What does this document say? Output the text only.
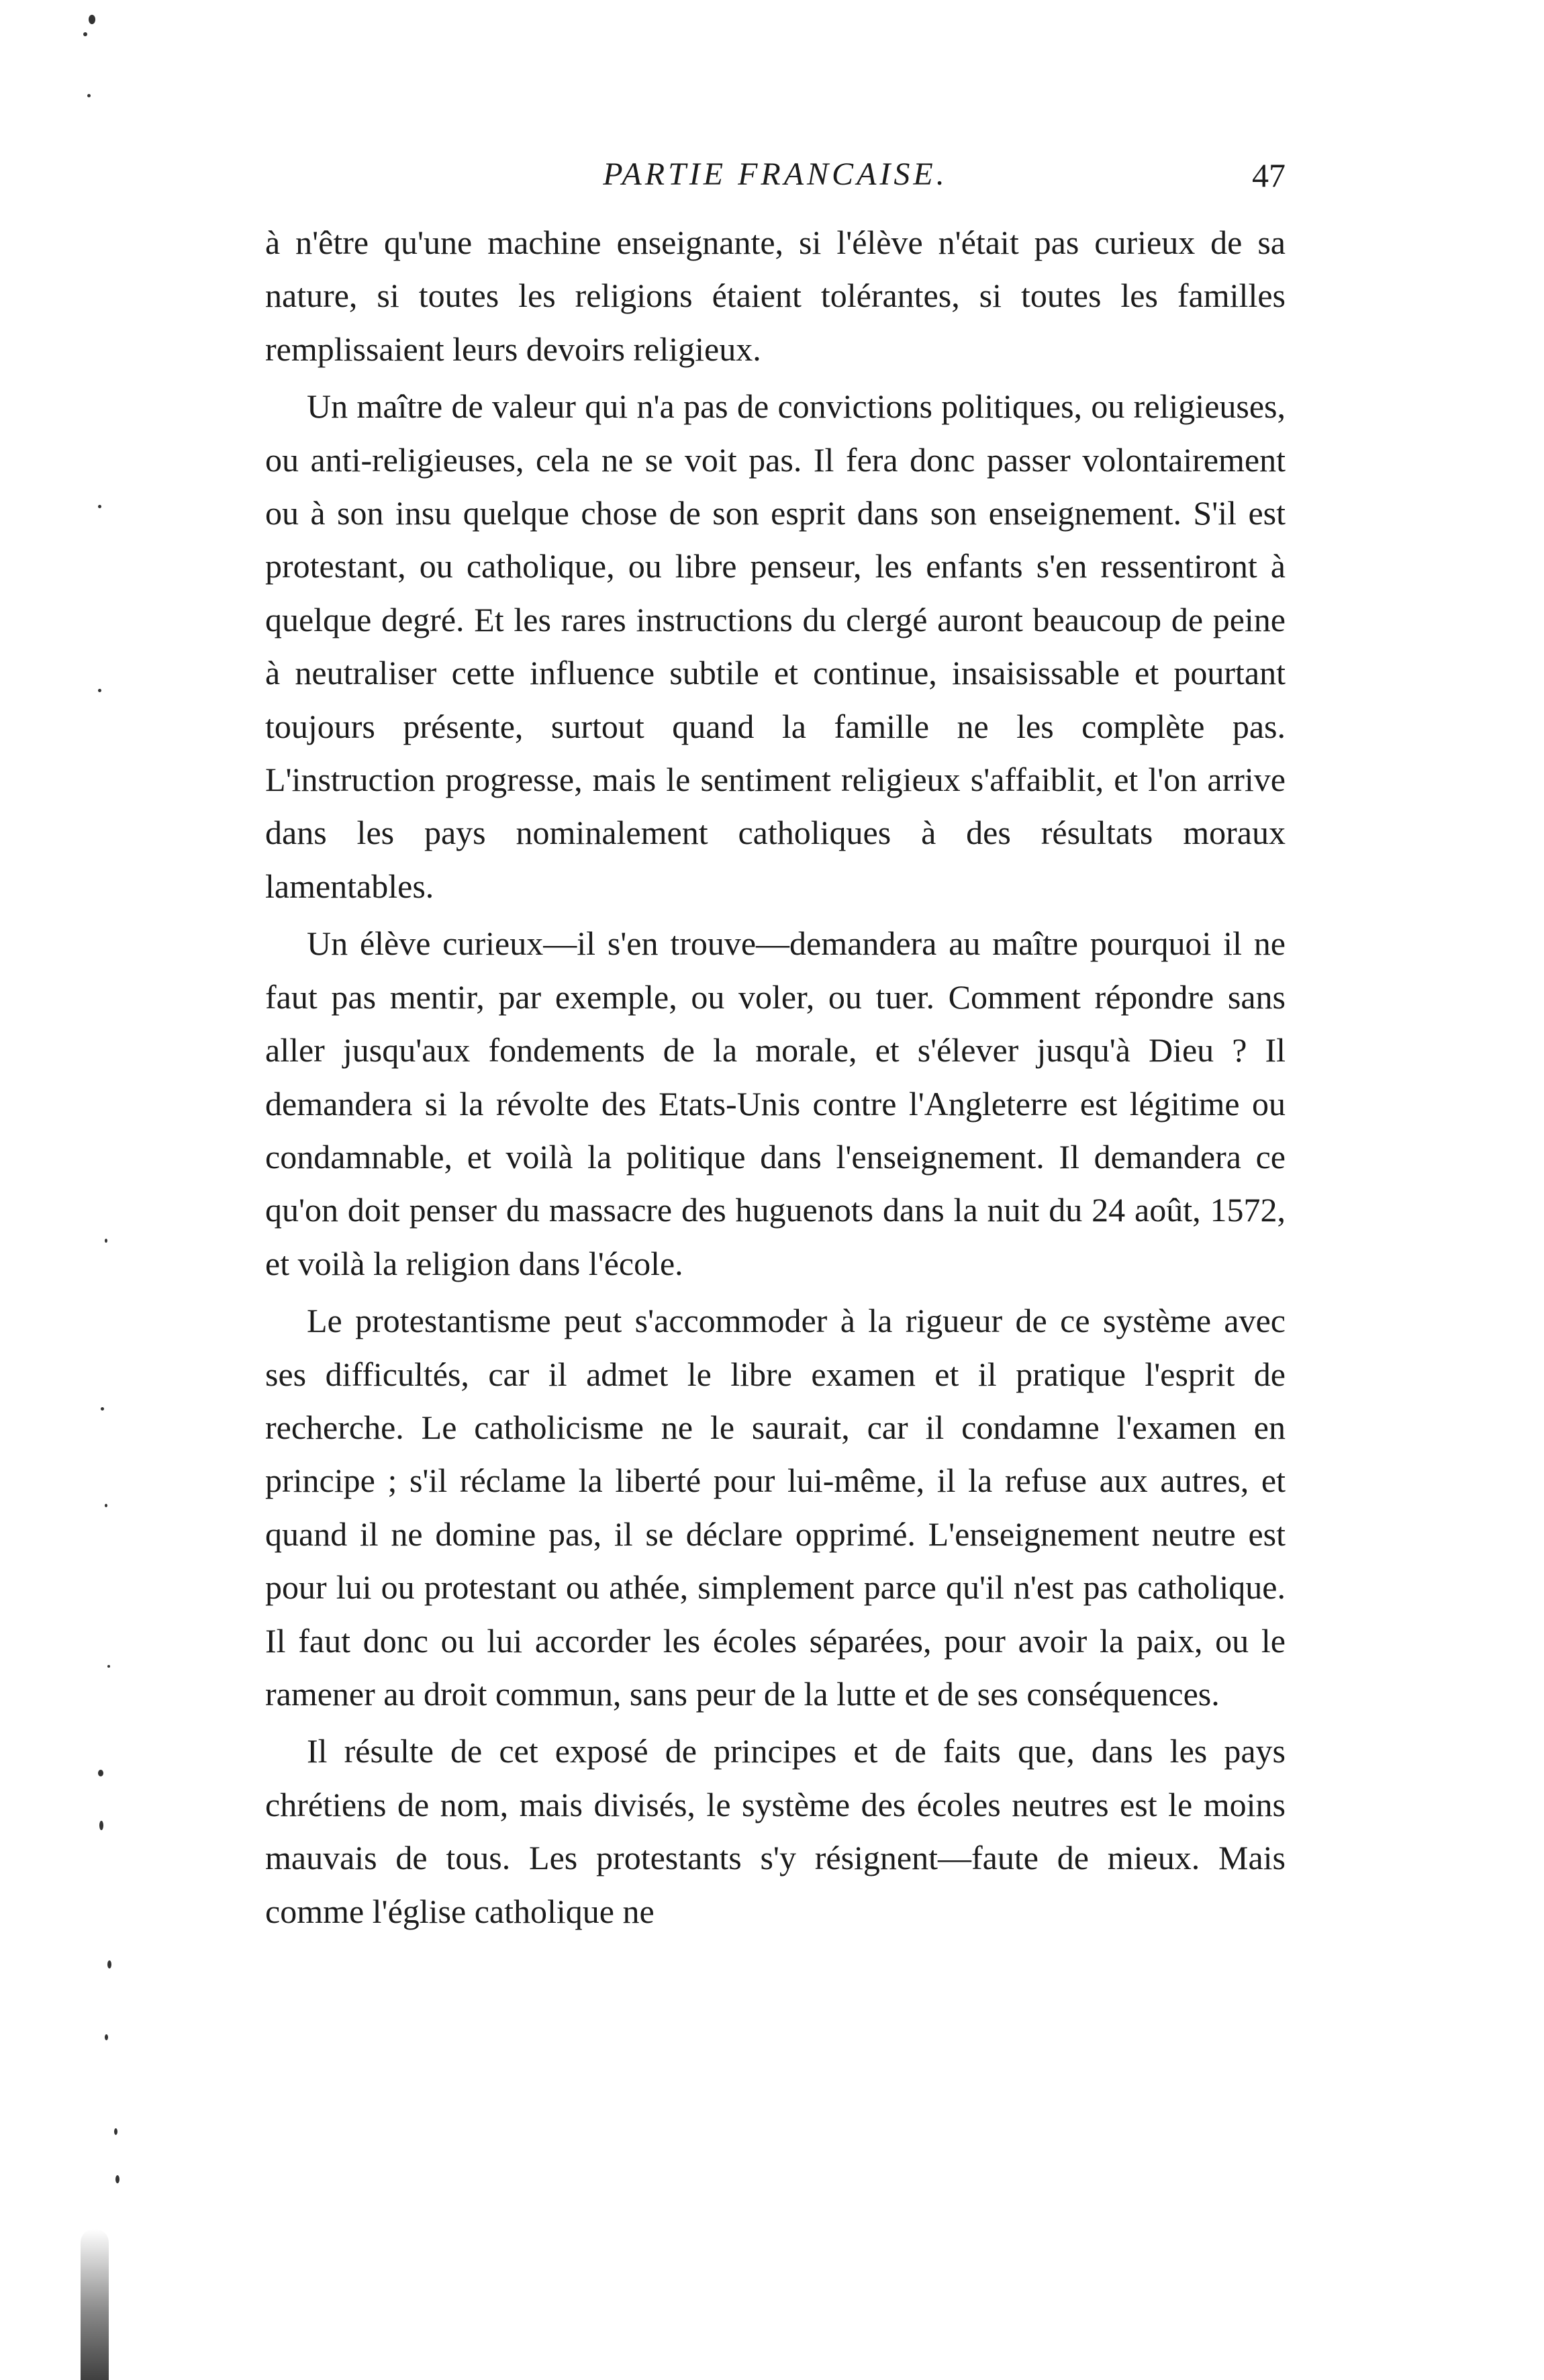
PARTIE FRANCAISE.	47

à n'être qu'une machine enseignante, si l'élève n'était pas curieux de sa nature, si toutes les religions étaient tolérantes, si toutes les familles remplissaient leurs devoirs religieux.

Un maître de valeur qui n'a pas de convictions politiques, ou religieuses, ou anti-religieuses, cela ne se voit pas. Il fera donc passer volontairement ou à son insu quelque chose de son esprit dans son enseignement. S'il est protestant, ou catholique, ou libre penseur, les enfants s'en ressentiront à quelque degré. Et les rares instructions du clergé auront beaucoup de peine à neutraliser cette influence subtile et continue, insaisissable et pourtant toujours présente, surtout quand la famille ne les complète pas. L'instruction progresse, mais le sentiment religieux s'affaiblit, et l'on arrive dans les pays nominalement catholiques à des résultats moraux lamentables.

Un élève curieux—il s'en trouve—demandera au maître pourquoi il ne faut pas mentir, par exemple, ou voler, ou tuer. Comment répondre sans aller jusqu'aux fondements de la morale, et s'élever jusqu'à Dieu ? Il demandera si la révolte des Etats-Unis contre l'Angleterre est légitime ou condamnable, et voilà la politique dans l'enseignement. Il demandera ce qu'on doit penser du massacre des huguenots dans la nuit du 24 août, 1572, et voilà la religion dans l'école.

Le protestantisme peut s'accommoder à la rigueur de ce système avec ses difficultés, car il admet le libre examen et il pratique l'esprit de recherche. Le catholicisme ne le saurait, car il condamne l'examen en principe ; s'il réclame la liberté pour lui-même, il la refuse aux autres, et quand il ne domine pas, il se déclare opprimé. L'enseignement neutre est pour lui ou protestant ou athée, simplement parce qu'il n'est pas catholique. Il faut donc ou lui accorder les écoles séparées, pour avoir la paix, ou le ramener au droit commun, sans peur de la lutte et de ses conséquences.

Il résulte de cet exposé de principes et de faits que, dans les pays chrétiens de nom, mais divisés, le système des écoles neutres est le moins mauvais de tous. Les protestants s'y résignent—faute de mieux. Mais comme l'église catholique ne
